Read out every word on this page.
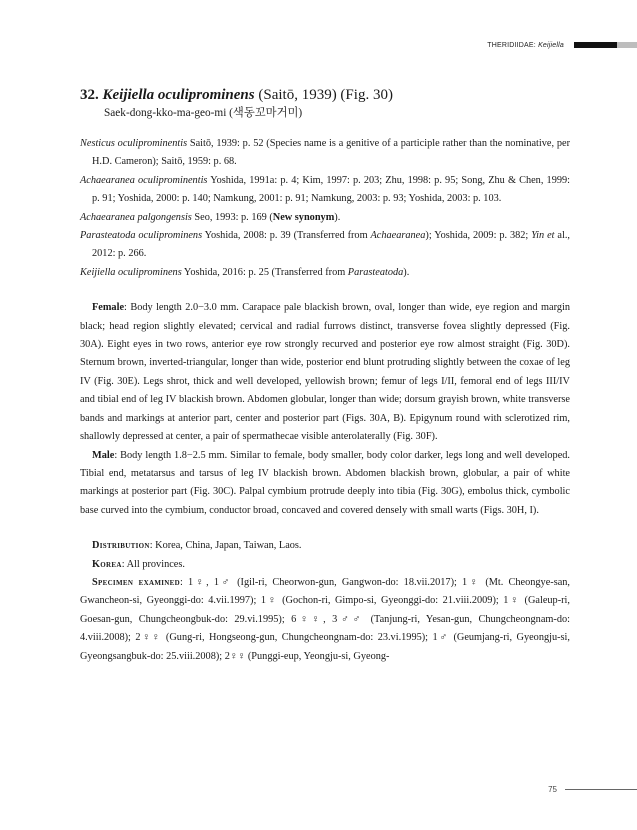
THERIDIIDAE: Keijiella
32. Keijiella oculiprominens (Saitō, 1939) (Fig. 30)
Saek-dong-kko-ma-geo-mi (색동꼬마거미)

Nesticus oculiprominentis Saitō, 1939: p. 52 (Species name is a genitive of a participle rather than the nominative, per H.D. Cameron); Saitō, 1959: p. 68.

Achaearanea oculiprominentis Yoshida, 1991a: p. 4; Kim, 1997: p. 203; Zhu, 1998: p. 95; Song, Zhu & Chen, 1999: p. 91; Yoshida, 2000: p. 140; Namkung, 2001: p. 91; Namkung, 2003: p. 93; Yoshida, 2003: p. 103.

Achaearanea palgongensis Seo, 1993: p. 169 (New synonym).

Parasteatoda oculiprominens Yoshida, 2008: p. 39 (Transferred from Achaearanea); Yoshida, 2009: p. 382; Yin et al., 2012: p. 266.

Keijiella oculiprominens Yoshida, 2016: p. 25 (Transferred from Parasteatoda).

Female: Body length 2.0−3.0 mm. Carapace pale blackish brown, oval, longer than wide, eye region and margin black; head region slightly elevated; cervical and radial furrows distinct, transverse fovea slightly depressed (Fig. 30A). Eight eyes in two rows, anterior eye row strongly recurved and posterior eye row almost straight (Fig. 30D). Sternum brown, inverted-triangular, longer than wide, posterior end blunt protruding slightly between the coxae of leg IV (Fig. 30E). Legs shrot, thick and well developed, yellowish brown; femur of legs I/II, femoral end of legs III/IV and tibial end of leg IV blackish brown. Abdomen globular, longer than wide; dorsum grayish brown, white transverse bands and markings at anterior part, center and posterior part (Figs. 30A, B). Epigynum round with sclerotized rim, shallowly depressed at center, a pair of spermathecae visible anterolaterally (Fig. 30F).

Male: Body length 1.8−2.5 mm. Similar to female, body smaller, body color darker, legs long and well developed. Tibial end, metatarsus and tarsus of leg IV blackish brown. Abdomen blackish brown, globular, a pair of white markings at posterior part (Fig. 30C). Palpal cymbium protrude deeply into tibia (Fig. 30G), embolus thick, cymbolic base curved into the cymbium, conductor broad, concaved and covered densely with small warts (Figs. 30H, I).

Distribution: Korea, China, Japan, Taiwan, Laos.

Korea: All provinces.

Specimen examined: 1♀, 1♂ (Igil-ri, Cheorwon-gun, Gangwon-do: 18.vii.2017); 1♀ (Mt. Cheongye-san, Gwancheon-si, Gyeonggi-do: 4.vii.1997); 1♀ (Gochon-ri, Gimpo-si, Gyeonggi-do: 21.viii.2009); 1♀ (Galeup-ri, Goesan-gun, Chungcheongbuk-do: 29.vi.1995); 6♀♀, 3♂♂ (Tanjung-ri, Yesan-gun, Chungcheongnam-do: 4.viii.2008); 2♀♀ (Gung-ri, Hongseong-gun, Chungcheongnam-do: 23.vi.1995); 1♂ (Geumjang-ri, Gyeongju-si, Gyeongsangbuk-do: 25.viii.2008); 2♀♀ (Punggi-eup, Yeongju-si, Gyeong-

75
